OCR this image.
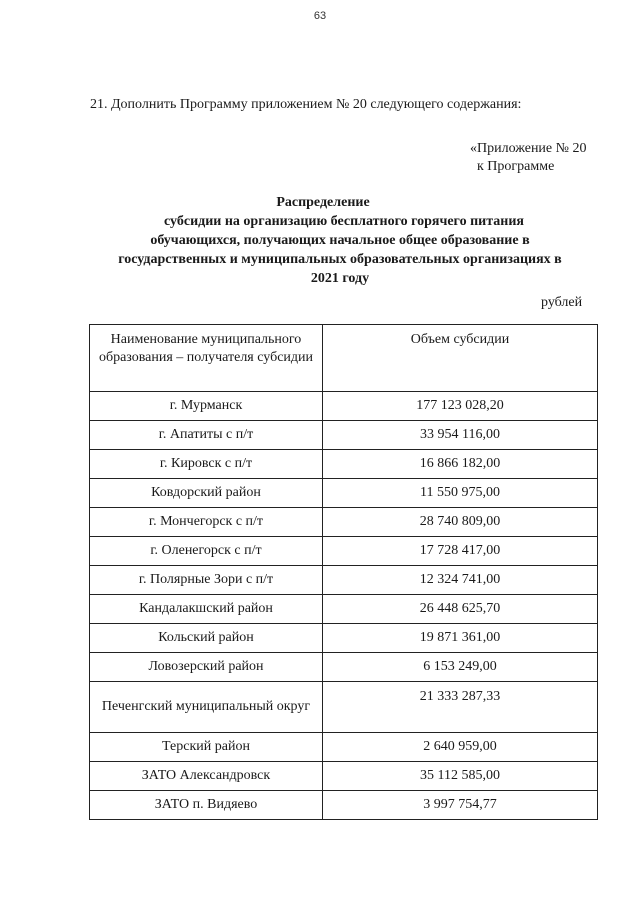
63
21. Дополнить Программу приложением № 20 следующего содержания:
«Приложение № 20
к Программе
Распределение
субсидии на организацию бесплатного горячего питания
обучающихся, получающих начальное общее образование в
государственных и муниципальных образовательных организациях в
2021 году
рублей
Наименование муниципального образования – получателя субсидии	Объем субсидии
г. Мурманск	177 123 028,20
г. Апатиты с п/т	33 954 116,00
г. Кировск с п/т	16 866 182,00
Ковдорский район	11 550 975,00
г. Мончегорск с п/т	28 740 809,00
г. Оленегорск с п/т	17 728 417,00
г. Полярные Зори с п/т	12 324 741,00
Кандалакшский район	26 448 625,70
Кольский район	19 871 361,00
Ловозерский район	6 153 249,00
Печенгский муниципальный округ	21 333 287,33
Терский район	2 640 959,00
ЗАТО Александровск	35 112 585,00
ЗАТО п. Видяево	3 997 754,77
